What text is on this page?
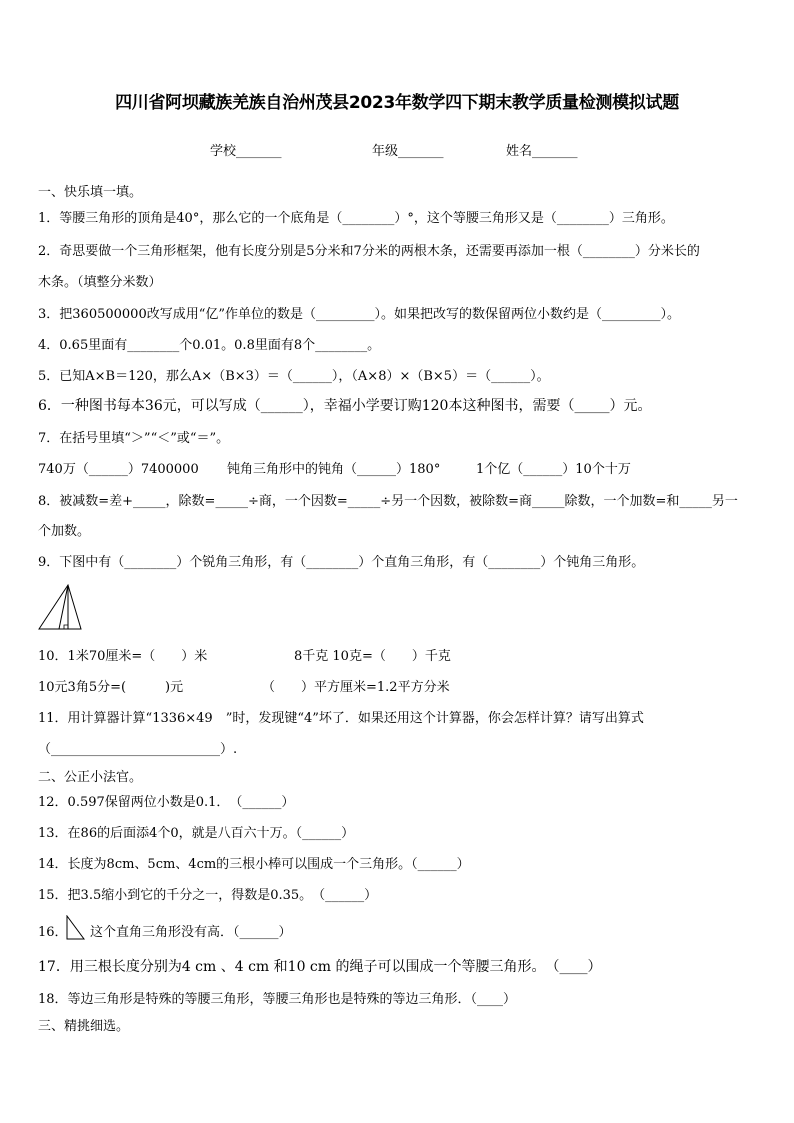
四川省阿坝藏族羌族自治州茂县2023年数学四下期末教学质量检测模拟试题
学校_______	年级_______	姓名_______
一、快乐填一填。
1．等腰三角形的顶角是40°，那么它的一个底角是（________）°，这个等腰三角形又是（________）三角形。
2．奇思要做一个三角形框架，他有长度分别是5分米和7分米的两根木条，还需要再添加一根（________）分米长的
木条。（填整分米数）
3．把360500000改写成用“亿”作单位的数是（_________）。如果把改写的数保留两位小数约是（_________）。
4．0.65里面有________个0.01。0.8里面有8个________。
5．已知A×B＝120，那么A×（B×3）＝（______），（A×8）×（B×5）＝（______）。
6．一种图书每本36元，可以写成（______），幸福小学要订购120本这种图书，需要（_____）元。
7．在括号里填“＞”“＜”或“＝”。
740万（______）7400000 钝角三角形中的钝角（______）180°	1个亿（______）10个十万
8．被减数=差+_____，除数=_____÷商，一个因数=_____÷另一个因数，被除数=商_____除数，一个加数=和_____另一
个加数。
9．下图中有（________）个锐角三角形，有（________）个直角三角形，有（________）个钝角三角形。
10．1米70厘米=（　　）米	8千克 10克=（　　）千克
10元3角5分=(　　　)元	（　　）平方厘米=1.2平方分米
11．用计算器计算“1336×49　”时，发现键“4”坏了．如果还用这个计算器，你会怎样计算？请写出算式
（__________________________）.
二、公正小法官。
12．0.597保留两位小数是0.1．　（______）
13．在86的后面添4个0，就是八百六十万。（______）
14．长度为8cm、5cm、4cm的三根小棒可以围成一个三角形。（______）
15．把3.5缩小到它的千分之一，得数是0.35。　（______）
16． 这个直角三角形没有高．（______）
17．用三根长度分别为4 cm 、4 cm 和10 cm 的绳子可以围成一个等腰三角形。　（____）
18．等边三角形是特殊的等腰三角形，等腰三角形也是特殊的等边三角形．（____）
三、精挑细选。
